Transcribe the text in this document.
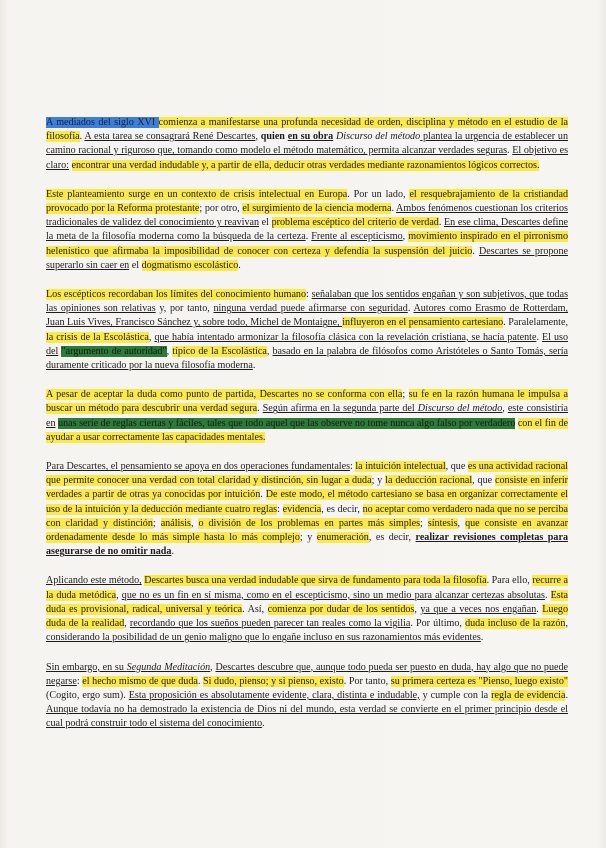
A mediados del siglo XVI comienza a manifestarse una profunda necesidad de orden, disciplina y método en el estudio de la filosofía. A esta tarea se consagrará René Descartes, quien en su obra Discurso del método plantea la urgencia de establecer un camino racional y riguroso que, tomando como modelo el método matemático, permita alcanzar verdades seguras. El objetivo es claro: encontrar una verdad indudable y, a partir de ella, deducir otras verdades mediante razonamientos lógicos correctos.

Este planteamiento surge en un contexto de crisis intelectual en Europa. Por un lado, el resquebrajamiento de la cristiandad provocado por la Reforma protestante; por otro, el surgimiento de la ciencia moderna. Ambos fenómenos cuestionan los criterios tradicionales de validez del conocimiento y reavivan el problema escéptico del criterio de verdad. En ese clima, Descartes define la meta de la filosofía moderna como la búsqueda de la certeza. Frente al escepticismo, movimiento inspirado en el pirronismo helenístico que afirmaba la imposibilidad de conocer con certeza y defendía la suspensión del juicio. Descartes se propone superarlo sin caer en el dogmatismo escolástico.

Los escépticos recordaban los límites del conocimiento humano: señalaban que los sentidos engañan y son subjetivos, que todas las opiniones son relativas y, por tanto, ninguna verdad puede afirmarse con seguridad. Autores como Erasmo de Rotterdam, Juan Luis Vives, Francisco Sánchez y, sobre todo, Michel de Montaigne, influyeron en el pensamiento cartesiano. Paralelamente, la crisis de la Escolástica, que había intentado armonizar la filosofía clásica con la revelación cristiana, se hacía patente. El uso del "argumento de autoridad", típico de la Escolástica, basado en la palabra de filósofos como Aristóteles o Santo Tomás, sería duramente criticado por la nueva filosofía moderna.

A pesar de aceptar la duda como punto de partida, Descartes no se conforma con ella; su fe en la razón humana le impulsa a buscar un método para descubrir una verdad segura. Según afirma en la segunda parte del Discurso del método, este consistiría en unas serie de reglas ciertas y fáciles, tales que todo aquel que las observe no tome nunca algo falso por verdadero con el fin de ayudar a usar correctamente las capacidades mentales.

Para Descartes, el pensamiento se apoya en dos operaciones fundamentales: la intuición intelectual, que es una actividad racional que permite conocer una verdad con total claridad y distinción, sin lugar a duda; y la deducción racional, que consiste en inferir verdades a partir de otras ya conocidas por intuición. De este modo, el método cartesiano se basa en organizar correctamente el uso de la intuición y la deducción mediante cuatro reglas: evidencia, es decir, no aceptar como verdadero nada que no se perciba con claridad y distinción; análisis, o división de los problemas en partes más simples; síntesis, que consiste en avanzar ordenadamente desde lo más simple hasta lo más complejo; y enumeración, es decir, realizar revisiones completas para asegurarse de no omitir nada.

Aplicando este método, Descartes busca una verdad indudable que sirva de fundamento para toda la filosofía. Para ello, recurre a la duda metódica, que no es un fin en sí misma, como en el escepticismo, sino un medio para alcanzar certezas absolutas. Esta duda es provisional, radical, universal y teórica. Así, comienza por dudar de los sentidos, ya que a veces nos engañan. Luego duda de la realidad, recordando que los sueños pueden parecer tan reales como la vigilia. Por último, duda incluso de la razón, considerando la posibilidad de un genio maligno que lo engañe incluso en sus razonamientos más evidentes.

Sin embargo, en su Segunda Meditación, Descartes descubre que, aunque todo pueda ser puesto en duda, hay algo que no puede negarse: el hecho mismo de que duda. Si dudo, pienso; y si pienso, existo. Por tanto, su primera certeza es "Pienso, luego existo" (Cogito, ergo sum). Esta proposición es absolutamente evidente, clara, distinta e indudable, y cumple con la regla de evidencia. Aunque todavía no ha demostrado la existencia de Dios ni del mundo, esta verdad se convierte en el primer principio desde el cual podrá construir todo el sistema del conocimiento.
